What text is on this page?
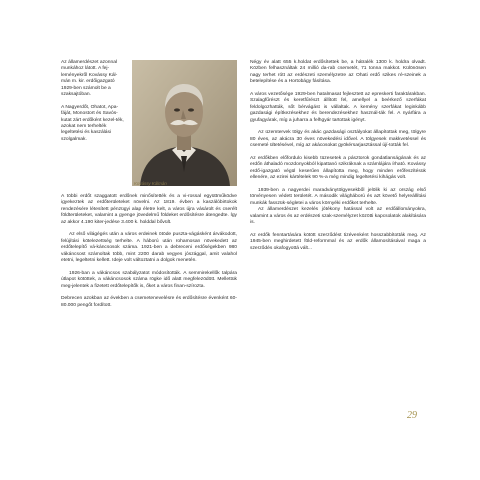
Az államerdészet azonnal munkához látott. A fej-leményekről Kovássy Kál-mán m. kir. erdőigazgató 1929-ben számolt be a szaksajtóban.

A Nagyerdőt, Ohatot, Apa-fáját, Monostort és Savós-kutat zárt erdőként kezel-ték, azokat nem terhelték legeltetési és kaszálási szolgalmak.

Kovássy Kálmán

A többi erdőt szaggatott erdőnek minősítették és a vi-rossal együttműködve igyekeztek az erdőterületeket növelni. Az 1819. évben a kaszálóbirtokok rendezésére létesített pénzügyi alap életre kelt, a város újra vásárolt és cserélt földterületeket, valamint a gyenge jövedelmű földeket erdősítésre átengedte. Így az akkor 4.190 kiter-jedése 3.400 k. holddal bővült.

Az első világégés után a város erdeinek ötöde puszta-vágásként árvákodott, felújítási kötelezettség terhelte. A háború után rohamosan növekedett az erdőtelepítő vá-káncsosok száma. 1921-ben a debreceni erdőségekben 980 vákáncsost számoltak több, mint 2200 darab vegyes jószággal, amit valahol etetni, legeltetni kellett. Ideje volt változtatni a dolgok menetén.

1926-ban a vákáncsos szabályzatot módosították. A semmirekellők talpára útlapot kötöttek, a vákáncsosok száma rögke idő alatt megfelezödött. Mellettük meg-jelentek a fizetett erdőtelepítők is, őket a város finan-szírozta.

Debrecen azokban az években a csemetenevelésre és erdősítésre évenként 60-80.000 pengőt fordított.

Négy év alatt 655 k.holdat erdősítettek be, a hátralék 1300 k. holdra olvadt. Közben felhasználtak 24 millió da-rab csemetét, 71 tonna makkot. Különösen nagy terhet rótt az erdészeti személyzetre az Ohati erdő szikes ré-szeinek a betelepítése és a Hortobágy fásítása.

A város vezetősége 1929-ben hatalmasat fejlesztett az epreskerti faraktárakban. Szalagfűrészt és keretfűrészt állított fel, amellyel a beérkező szerfákat feldolgozhatták, sőt bérvágást is vállaltak. A kemény szerfákat leginkább gazdasági építkezésekhez és berendezésekhez használ-ták fel. A nyárfára a gyufagyárak, míg a juharra a felhgyár tartottak igényt.

Az üzemtervek tölgy és akác gazdasági osztályokat állapítottak meg, tölgyre 80 éves, az akácra 30 éves növekedési idővel. A tölgyesek makkvetéssel és csemeté ültetésével, míg az akácosokat gyökérsarjasztással újí-tották fel.

Az erdőkben előfordulo kisebb tüzesetek a pásztorok gondatlanságának és az erdőn áthaladó mozdonyokból kipattanó szikráknak a számlájára írható. Kovássy erdő-igazgató végül keserűen állapította meg, hogy minden erőfeszítésük ellenére, az ezirei kártételek 90 %-a még mindig legeltetési kihágás volt.

1939-ben a nagyerdei maradványtölgyesekből jelölik ki az ország első törvényesen védett területét. A második világháború és azt követő helyreállítási munkák fasszük-ségletei a város környéki erdőket terhelte.

Az államerdészet kezelés jótékony hatással volt az erdőállományokra, valamint a város és az erdészeti szak-személyzet közötti kapcsolatok alakítására is.

Az erdők fenntartására kötött szerződést tizévenként hosszabbították meg. Az 1945-ben meghirdetett föld-reformmal és az erdők államosításával maga a szerződés okafogyottá vált...

29
